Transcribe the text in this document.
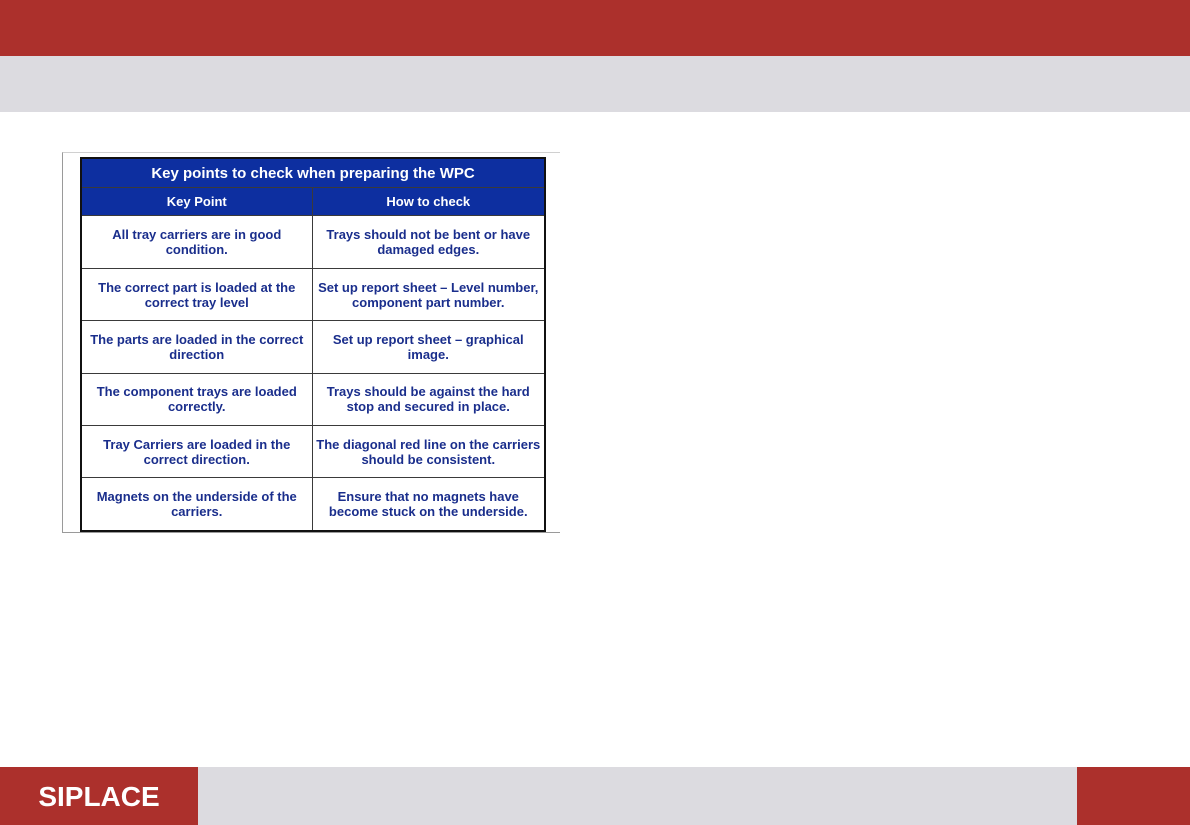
Key points to check when preparing the WPC	
Key Point	How to check
All tray carriers are in good condition.	Trays should not be bent or have damaged edges.
The correct part is loaded at the correct tray level	Set up report sheet – Level number, component part number.
The parts are loaded in the correct direction	Set up report sheet – graphical image.
The component trays are loaded correctly.	Trays should be against the hard stop and secured in place.
Tray Carriers are loaded in the correct direction.	The diagonal red line on the carriers should be consistent.
Magnets on the underside of the carriers.	Ensure that no magnets have become stuck on the underside.
SIPLACE
